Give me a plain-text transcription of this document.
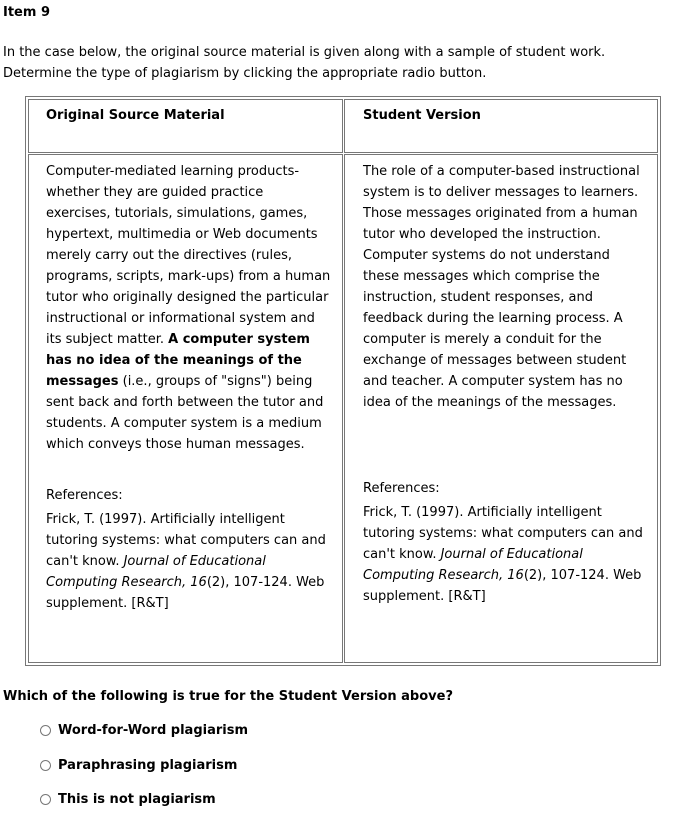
Item 9
In the case below, the original source material is given along with a sample of student work.
Determine the type of plagiarism by clicking the appropriate radio button.
Original Source Material	Student Version
Computer-mediated learning products-whether they are guided practice exercises, tutorials, simulations, games, hypertext, multimedia or Web documents merely carry out the directives (rules, programs, scripts, mark-ups) from a human tutor who originally designed the particular instructional or informational system and its subject matter. A computer system has no idea of the meanings of the messages (i.e., groups of "signs") being sent back and forth between the tutor and students. A computer system is a medium which conveys those human messages.
References:
Frick, T. (1997). Artificially intelligent tutoring systems: what computers can and can't know. Journal of Educational Computing Research, 16(2), 107-124. Web supplement. [R&T]
The role of a computer-based instructional system is to deliver messages to learners. Those messages originated from a human tutor who developed the instruction. Computer systems do not understand these messages which comprise the instruction, student responses, and feedback during the learning process. A computer is merely a conduit for the exchange of messages between student and teacher. A computer system has no idea of the meanings of the messages.
References:
Frick, T. (1997). Artificially intelligent tutoring systems: what computers can and can't know. Journal of Educational Computing Research, 16(2), 107-124. Web supplement. [R&T]
Which of the following is true for the Student Version above?
Word-for-Word plagiarism
Paraphrasing plagiarism
This is not plagiarism
